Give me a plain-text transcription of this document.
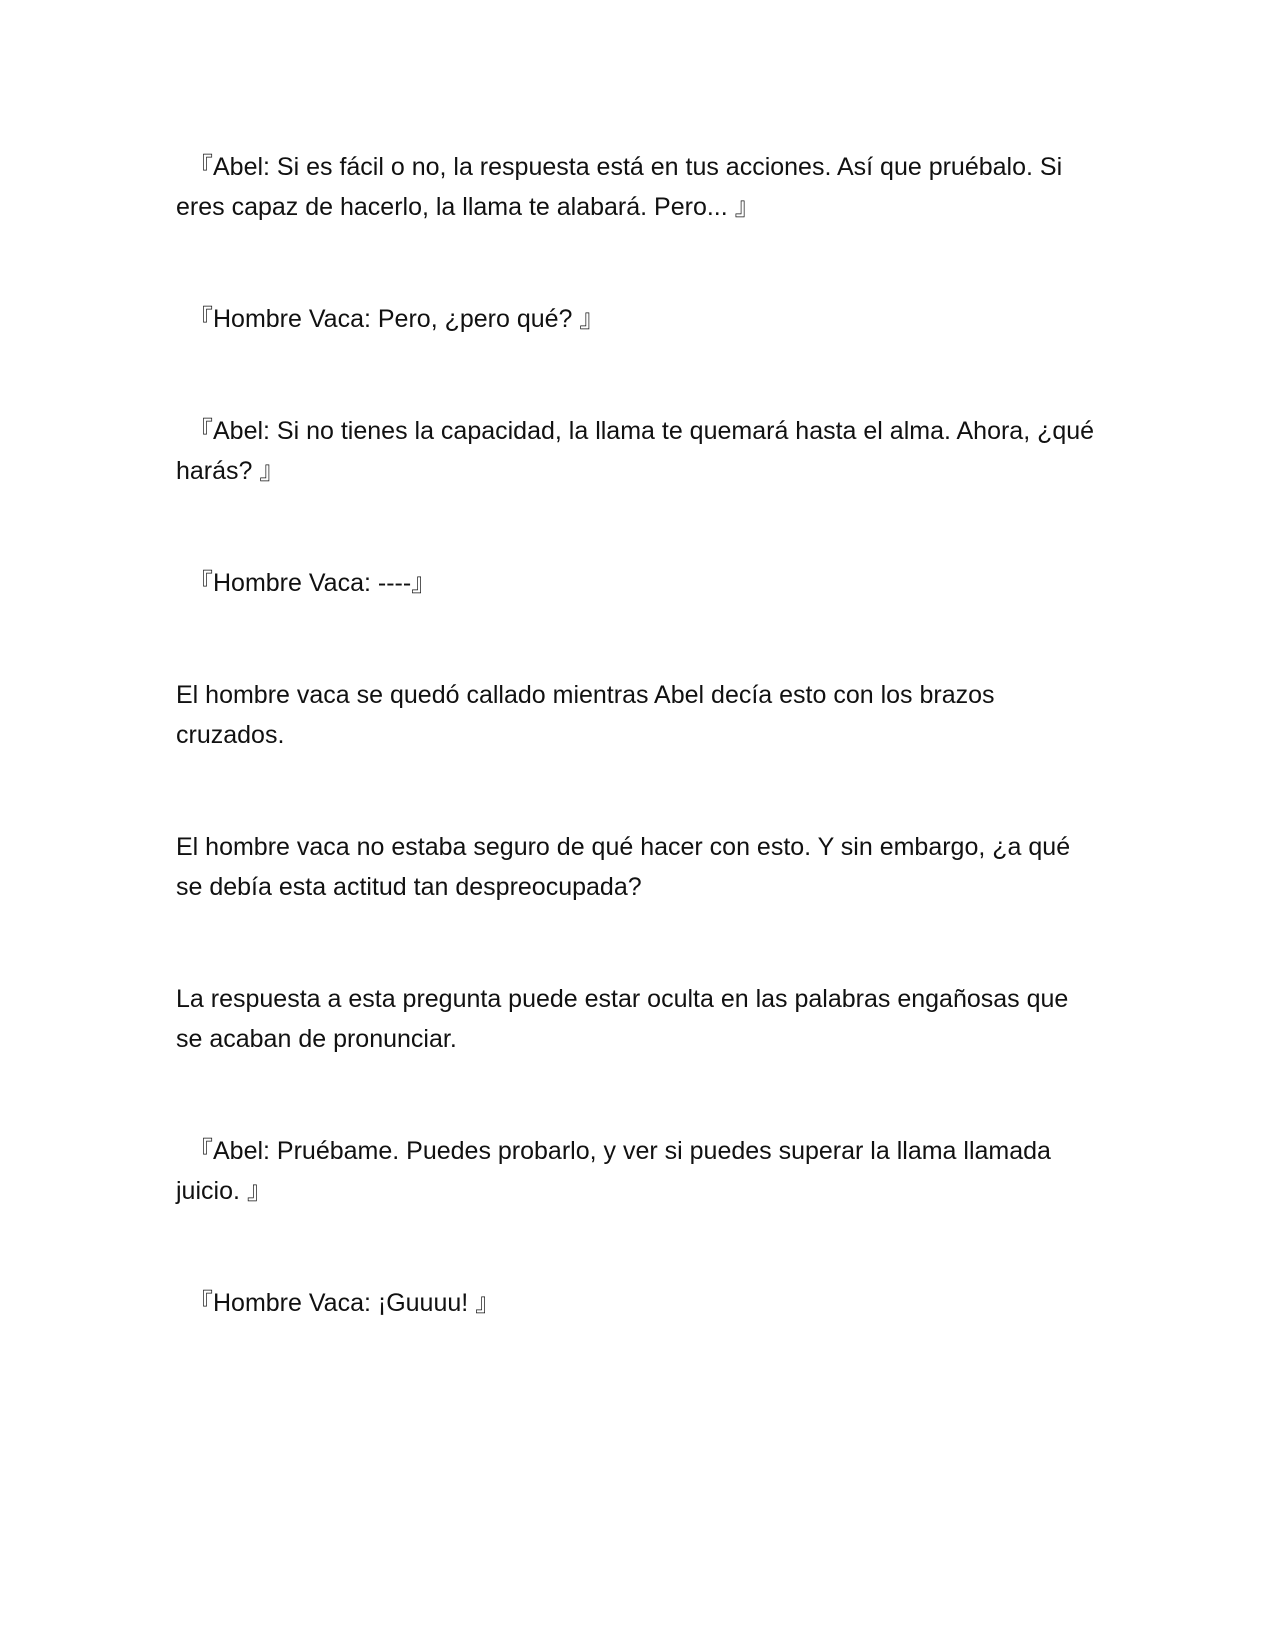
『Abel: Si es fácil o no, la respuesta está en tus acciones. Así que pruébalo. Si eres capaz de hacerlo, la llama te alabará. Pero... 』

『Hombre Vaca: Pero, ¿pero qué? 』

『Abel: Si no tienes la capacidad, la llama te quemará hasta el alma. Ahora, ¿qué harás? 』

『Hombre Vaca: ----』

El hombre vaca se quedó callado mientras Abel decía esto con los brazos cruzados.

El hombre vaca no estaba seguro de qué hacer con esto. Y sin embargo, ¿a qué se debía esta actitud tan despreocupada?

La respuesta a esta pregunta puede estar oculta en las palabras engañosas que se acaban de pronunciar.

『Abel: Pruébame. Puedes probarlo, y ver si puedes superar la llama llamada juicio. 』

『Hombre Vaca: ¡Guuuu! 』
